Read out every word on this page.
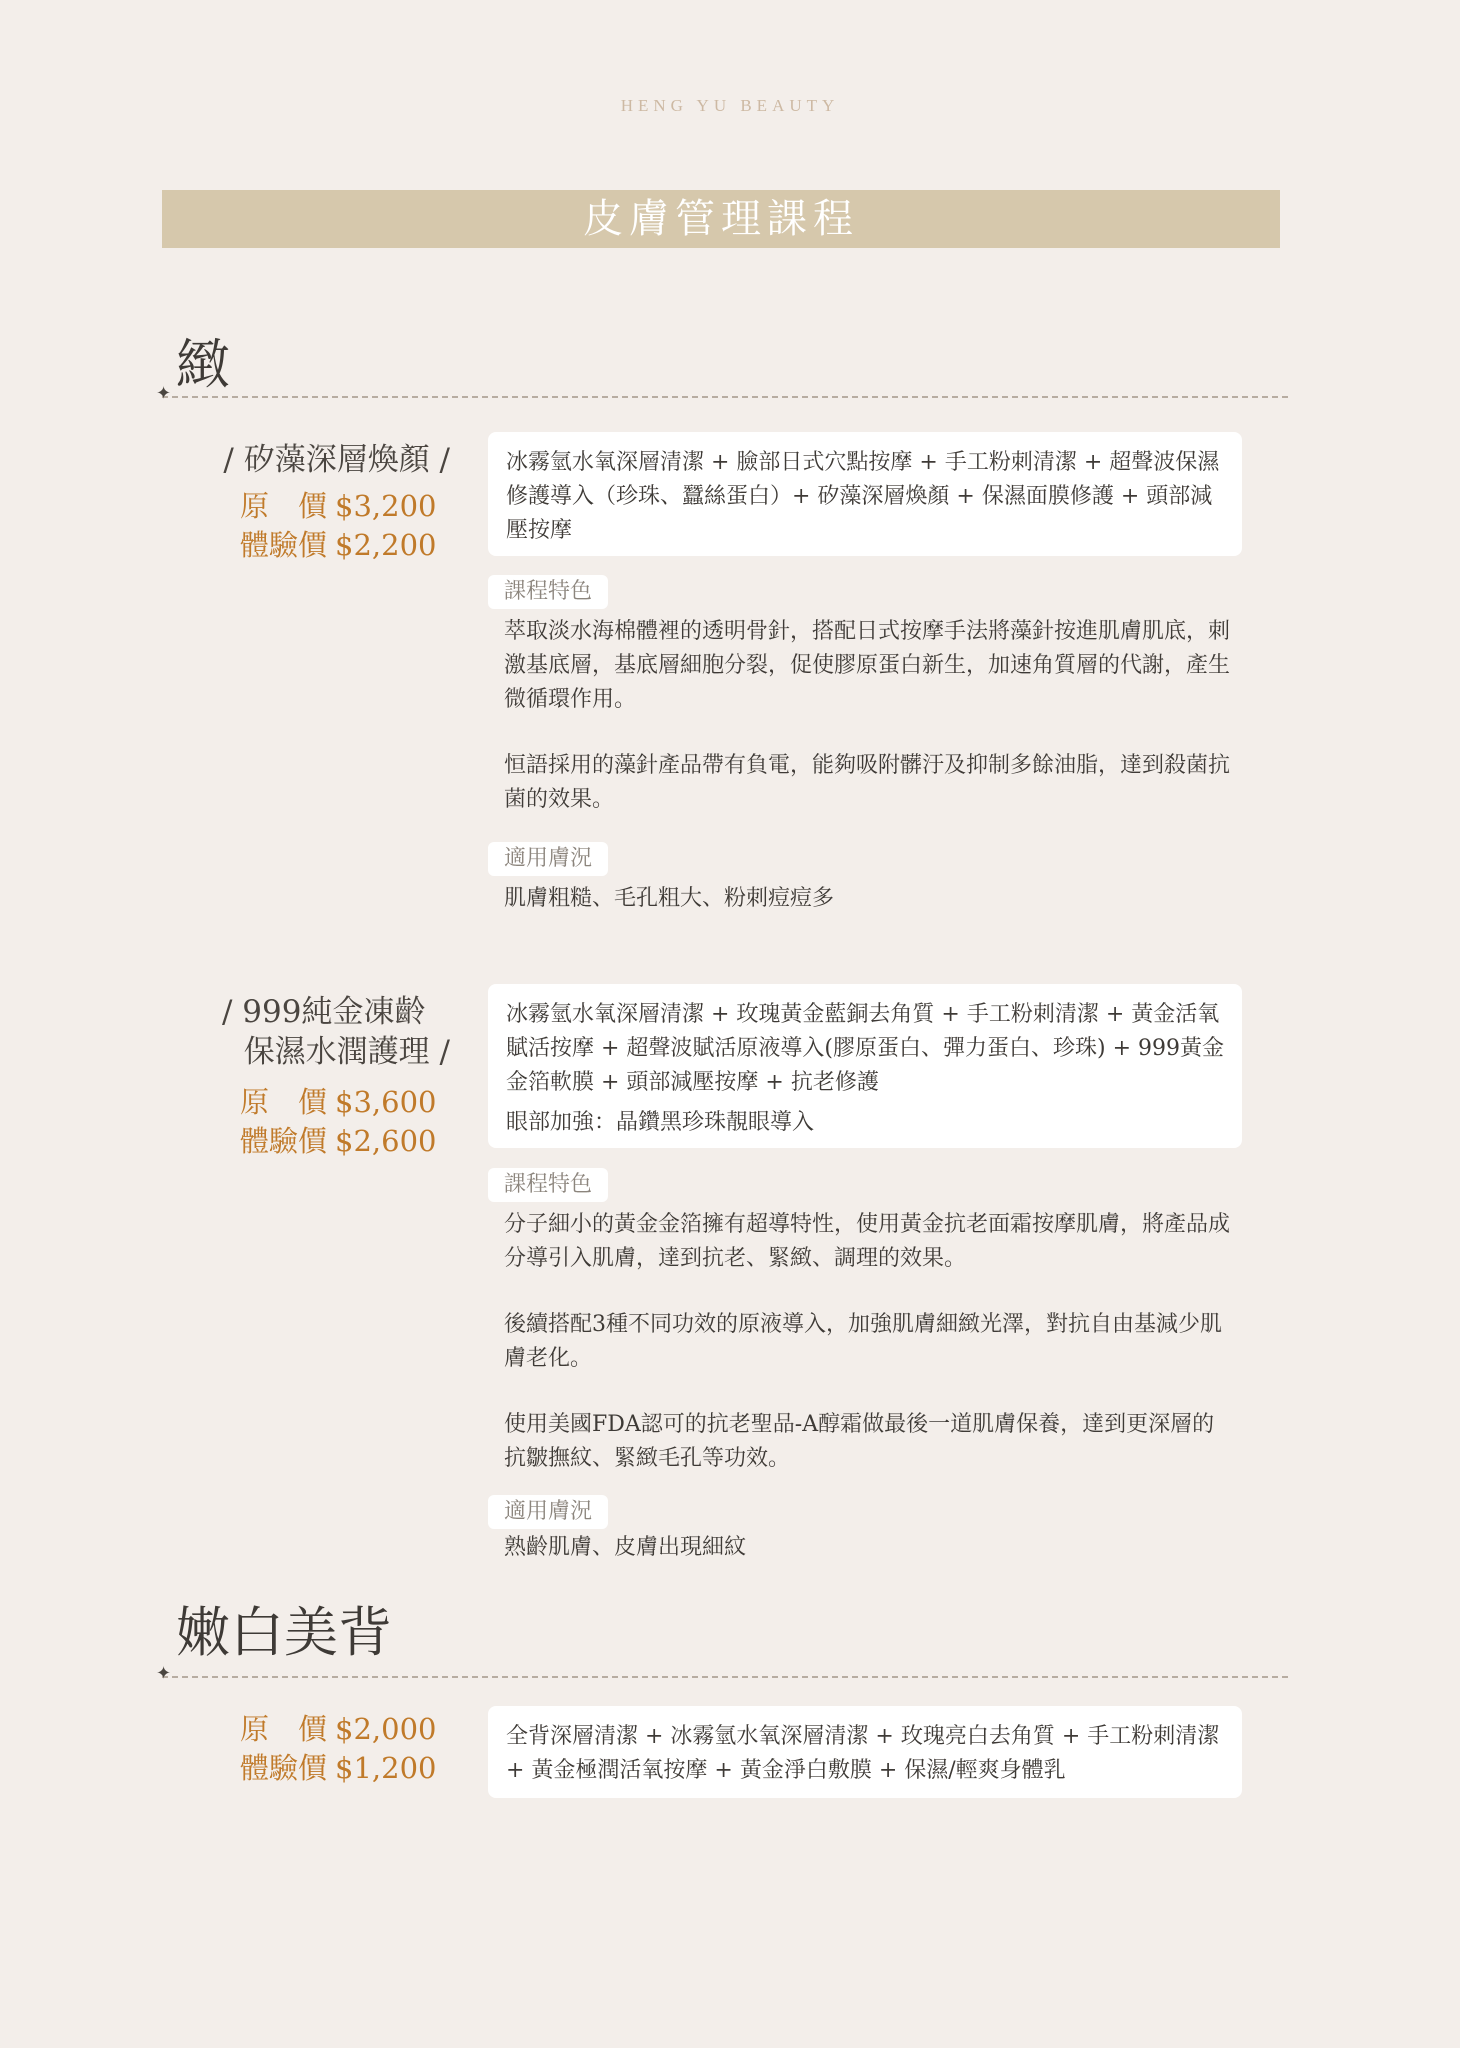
HENG YU BEAUTY
皮膚管理課程
緻
✦
/ 矽藻深層煥顏 /
原　價 $3,200
體驗價 $2,200
冰霧氫水氧深層清潔 + 臉部日式穴點按摩 + 手工粉刺清潔 + 超聲波保濕修護導入（珍珠、蠶絲蛋白）+ 矽藻深層煥顏 + 保濕面膜修護 + 頭部減壓按摩
課程特色

萃取淡水海棉體裡的透明骨針，搭配日式按摩手法將藻針按進肌膚肌底，刺激基底層，基底層細胞分裂，促使膠原蛋白新生，加速角質層的代謝，產生微循環作用。

恒語採用的藻針產品帶有負電，能夠吸附髒汙及抑制多餘油脂，達到殺菌抗菌的效果。

適用膚況
肌膚粗糙、毛孔粗大、粉刺痘痘多
/ 999純金凍齡
保濕水潤護理 /
原　價 $3,600
體驗價 $2,600
冰霧氫水氧深層清潔 + 玫瑰黃金藍銅去角質 + 手工粉刺清潔 + 黃金活氧賦活按摩 + 超聲波賦活原液導入(膠原蛋白、彈力蛋白、珍珠) + 999黃金金箔軟膜 + 頭部減壓按摩 + 抗老修護
眼部加強：晶鑽黑珍珠靚眼導入
課程特色

分子細小的黃金金箔擁有超導特性，使用黃金抗老面霜按摩肌膚，將產品成分導引入肌膚，達到抗老、緊緻、調理的效果。

後續搭配3種不同功效的原液導入，加強肌膚細緻光澤，對抗自由基減少肌膚老化。

使用美國FDA認可的抗老聖品-A醇霜做最後一道肌膚保養，達到更深層的抗皺撫紋、緊緻毛孔等功效。

適用膚況
熟齡肌膚、皮膚出現細紋
嫩白美背
✦
原　價 $2,000
體驗價 $1,200
全背深層清潔 + 冰霧氫水氧深層清潔 + 玫瑰亮白去角質 + 手工粉刺清潔 + 黃金極潤活氧按摩 + 黃金淨白敷膜 + 保濕/輕爽身體乳
